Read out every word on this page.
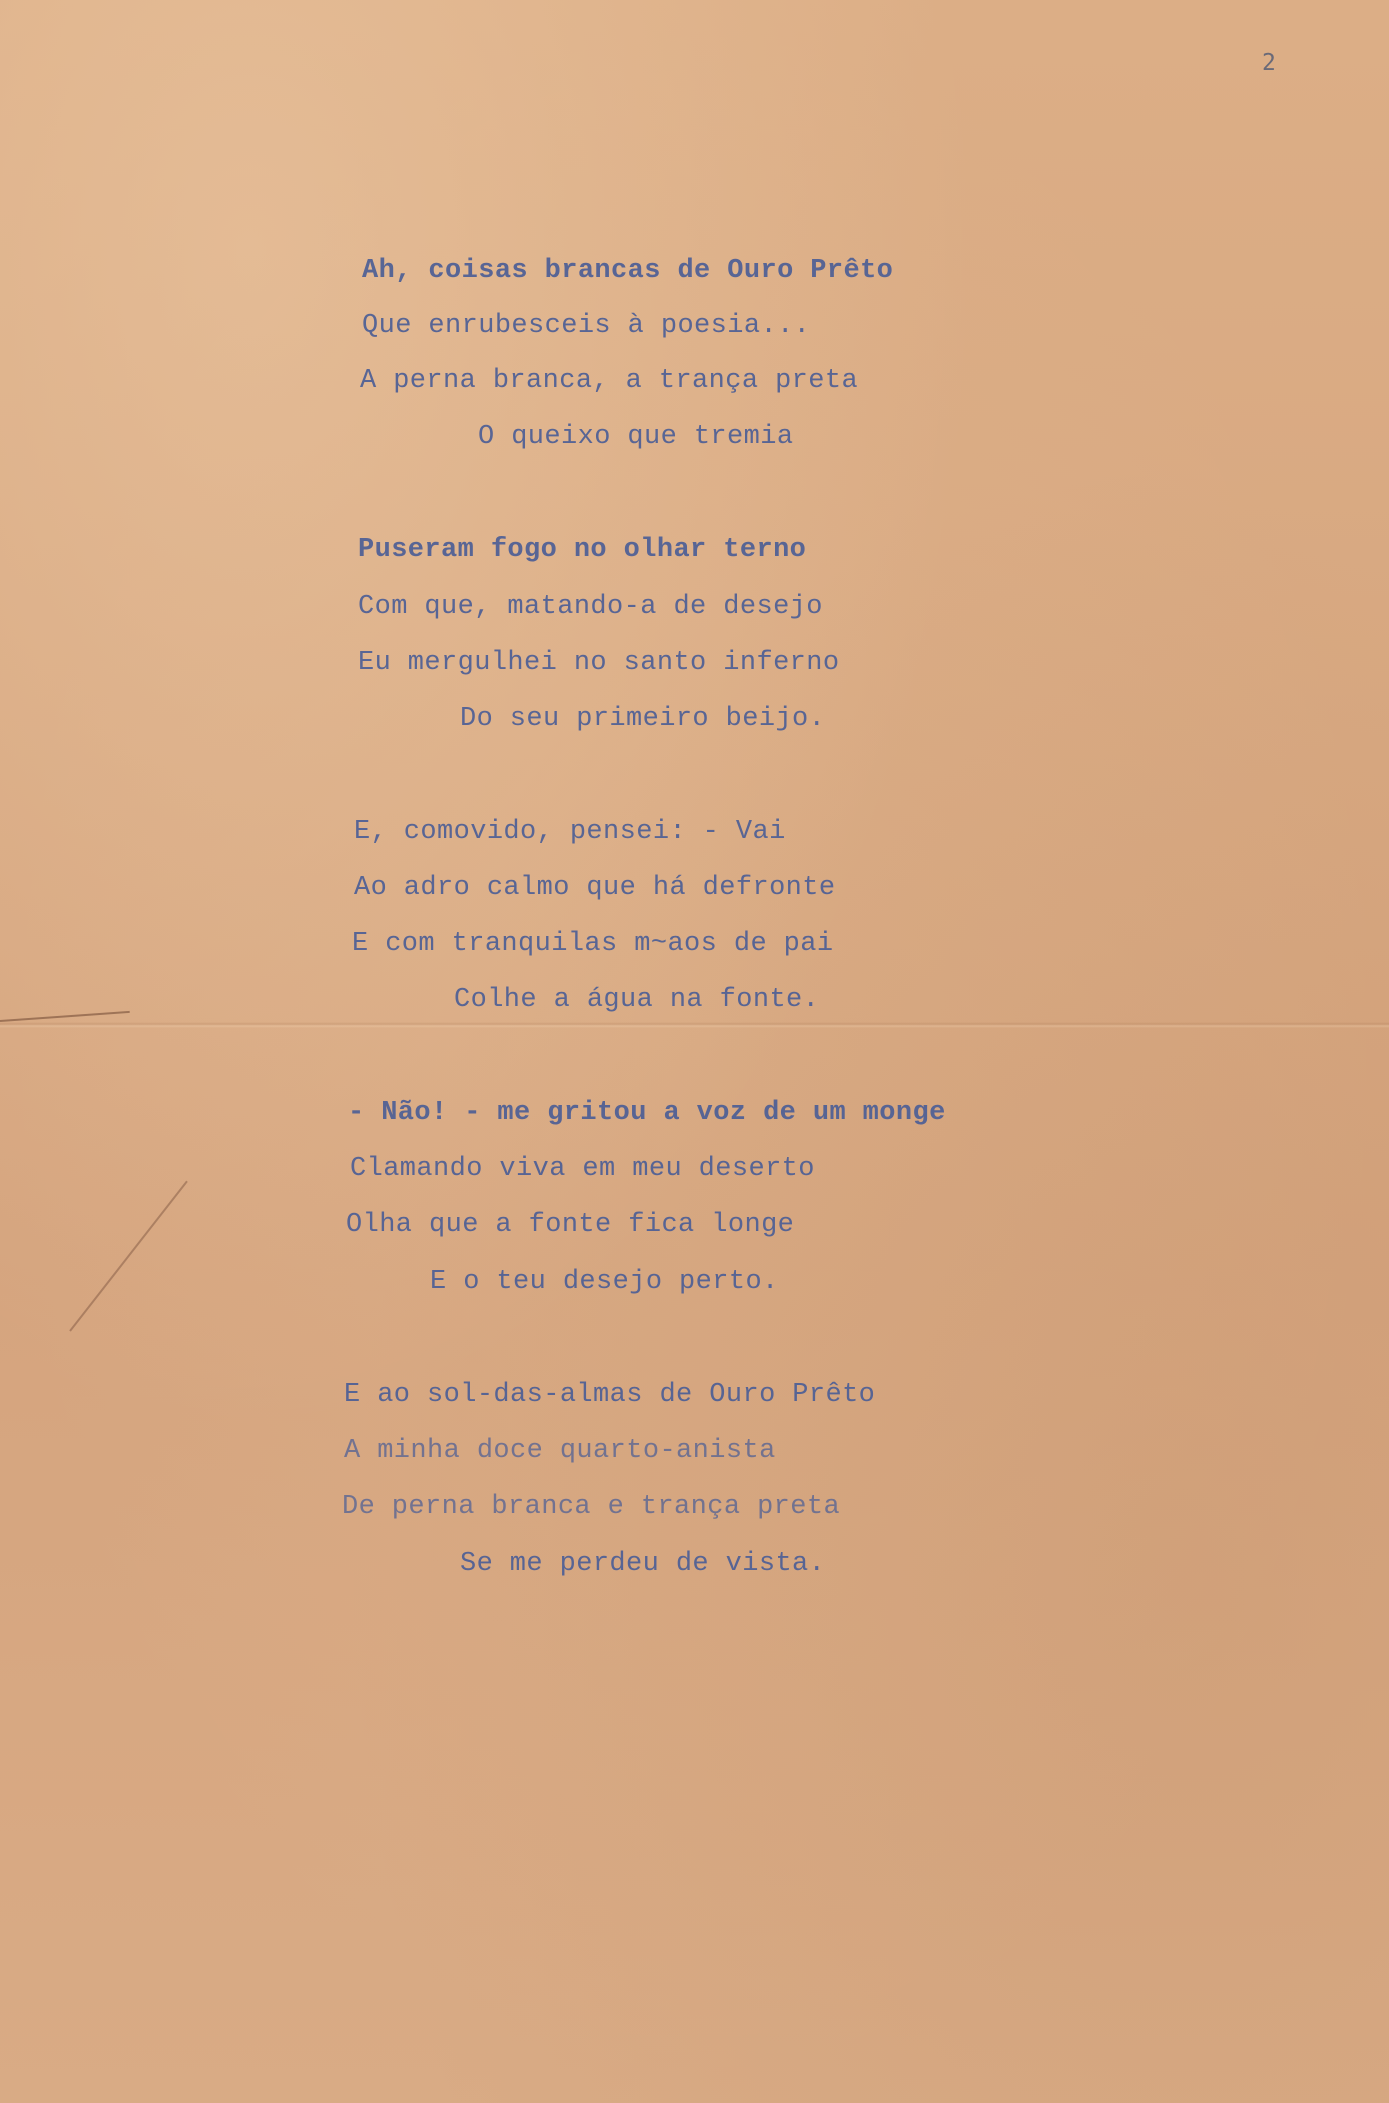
2
Ah, coisas brancas de Ouro Prêto
Que enrubesceis à poesia...
A perna branca, a trança preta
O queixo que tremia
Puseram fogo no olhar terno
Com que, matando-a de desejo
Eu mergulhei no santo inferno
Do seu primeiro beijo.
E, comovido, pensei: - Vai
Ao adro calmo que há defronte
E com tranquilas m~aos de pai
Colhe a água na fonte.
- Não! - me gritou a voz de um monge
Clamando viva em meu deserto
Olha que a fonte fica longe
E o teu desejo perto.
E ao sol-das-almas de Ouro Prêto
A minha doce quarto-anista
De perna branca e trança preta
Se me perdeu de vista.
